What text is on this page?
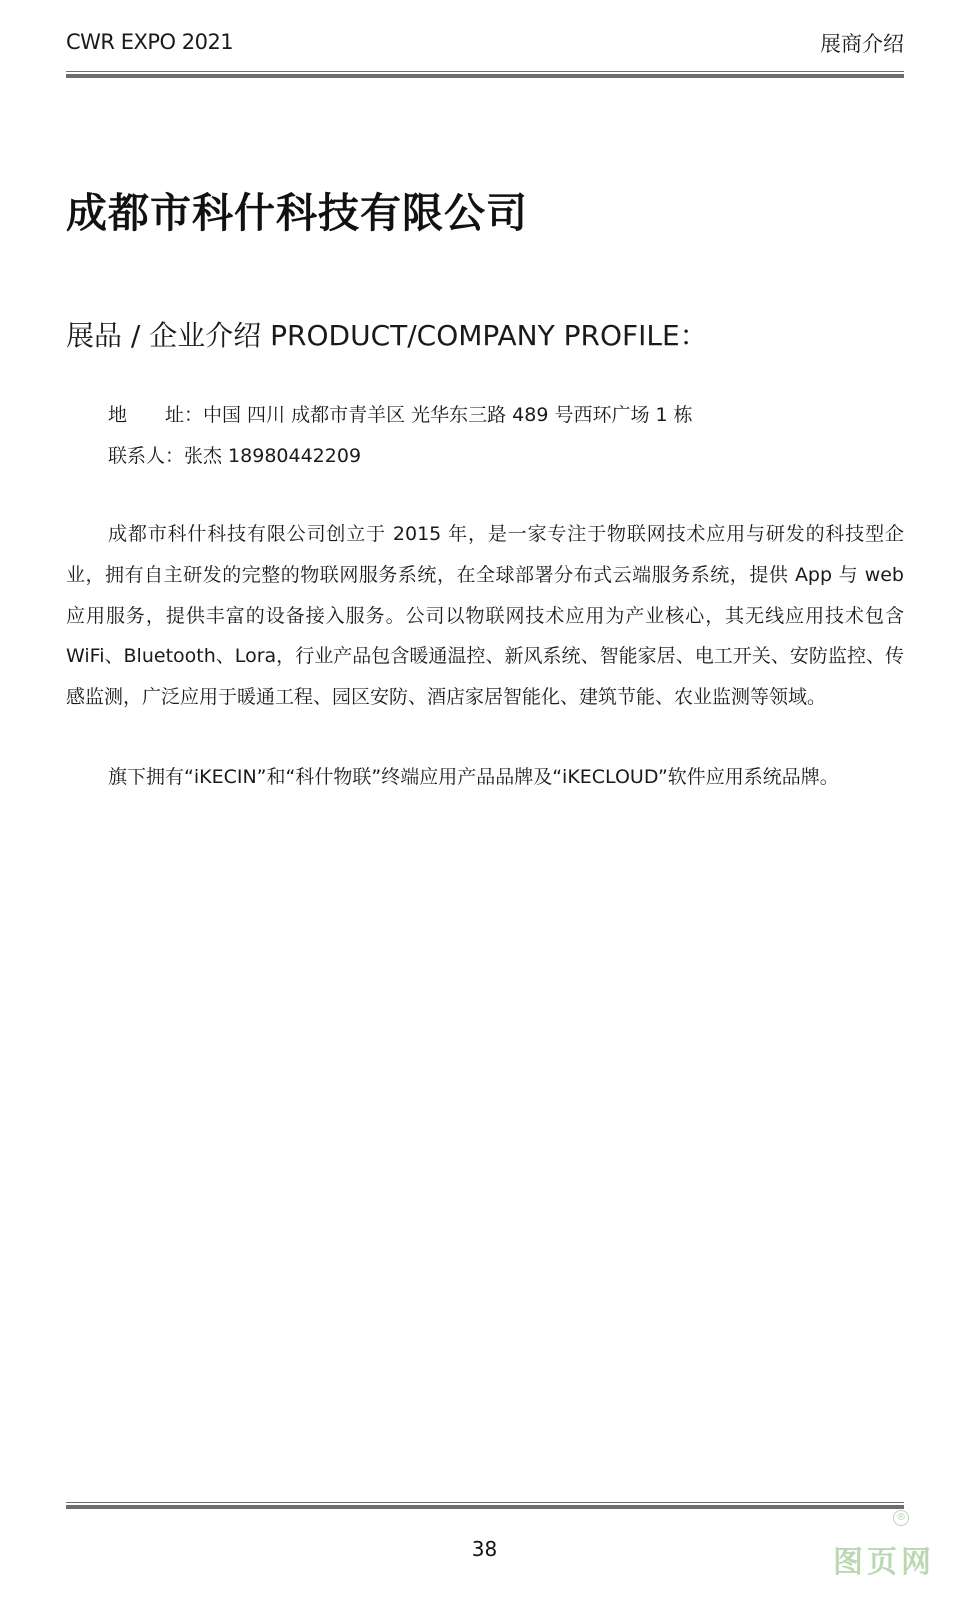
CWR EXPO 2021	展商介绍
成都市科什科技有限公司
展品 / 企业介绍 PRODUCT/COMPANY PROFILE：
地　　址：中国 四川 成都市青羊区 光华东三路 489 号西环广场 1 栋
联系人：张杰 18980442209

成都市科什科技有限公司创立于 2015 年，是一家专注于物联网技术应用与研发的科技型企业，拥有自主研发的完整的物联网服务系统，在全球部署分布式云端服务系统，提供 App 与 web 应用服务，提供丰富的设备接入服务。公司以物联网技术应用为产业核心，其无线应用技术包含 WiFi、Bluetooth、Lora，行业产品包含暖通温控、新风系统、智能家居、电工开关、安防监控、传感监测，广泛应用于暖通工程、园区安防、酒店家居智能化、建筑节能、农业监测等领域。

旗下拥有“iKECIN”和“科什物联”终端应用产品品牌及“iKECLOUD”软件应用系统品牌。

38
®
图页网
